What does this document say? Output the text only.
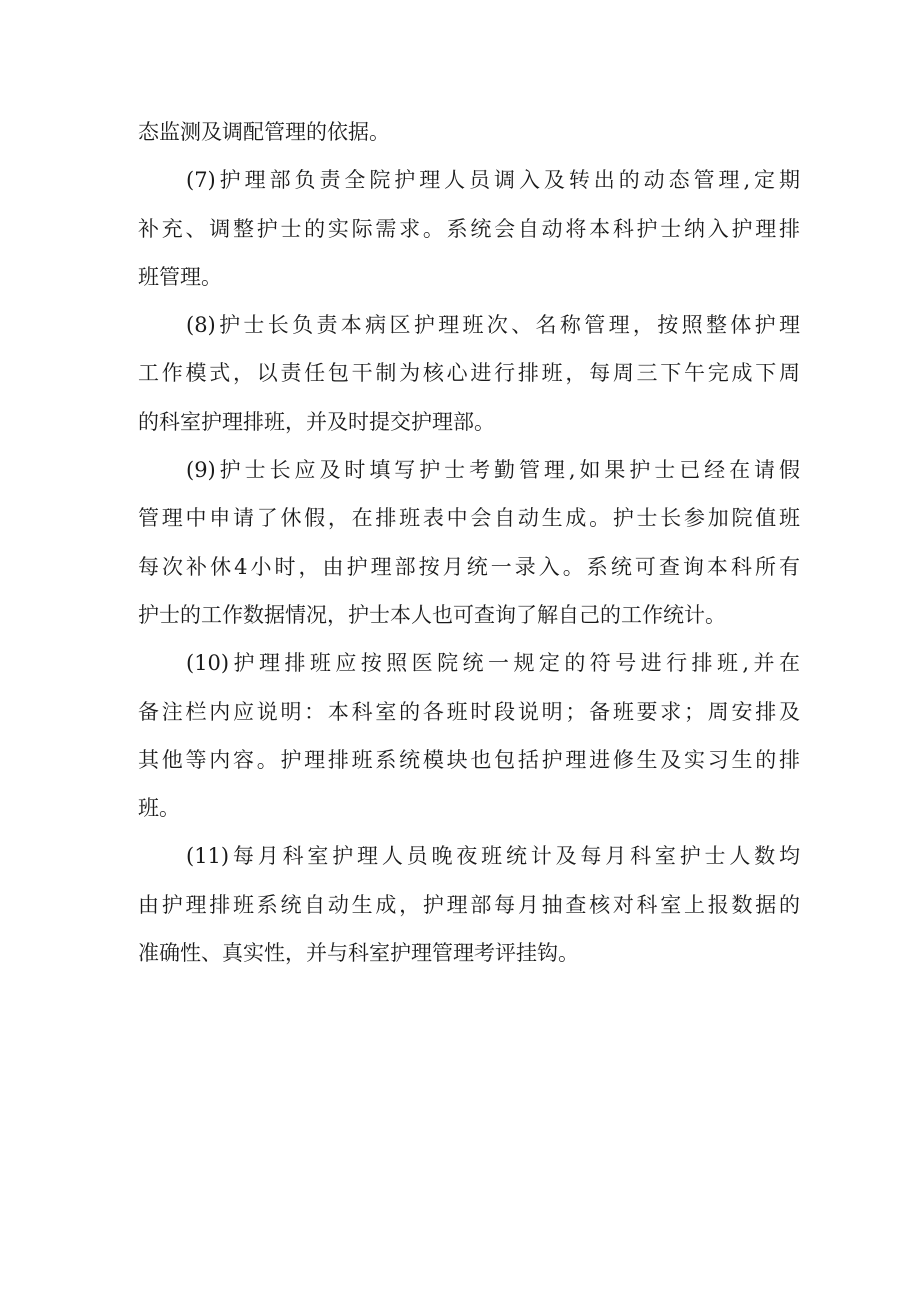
态监测及调配管理的依据。
(7)护理部负责全院护理人员调入及转出的动态管理,定期
补充、调整护士的实际需求。系统会自动将本科护士纳入护理排
班管理。
(8)护士长负责本病区护理班次、名称管理，按照整体护理
工作模式，以责任包干制为核心进行排班，每周三下午完成下周
的科室护理排班，并及时提交护理部。
(9)护士长应及时填写护士考勤管理,如果护士已经在请假
管理中申请了休假，在排班表中会自动生成。护士长参加院值班
每次补休4小时，由护理部按月统一录入。系统可查询本科所有
护士的工作数据情况，护士本人也可查询了解自己的工作统计。
(10)护理排班应按照医院统一规定的符号进行排班,并在
备注栏内应说明：本科室的各班时段说明；备班要求；周安排及
其他等内容。护理排班系统模块也包括护理进修生及实习生的排
班。
(11)每月科室护理人员晚夜班统计及每月科室护士人数均
由护理排班系统自动生成，护理部每月抽查核对科室上报数据的
准确性、真实性，并与科室护理管理考评挂钩。
